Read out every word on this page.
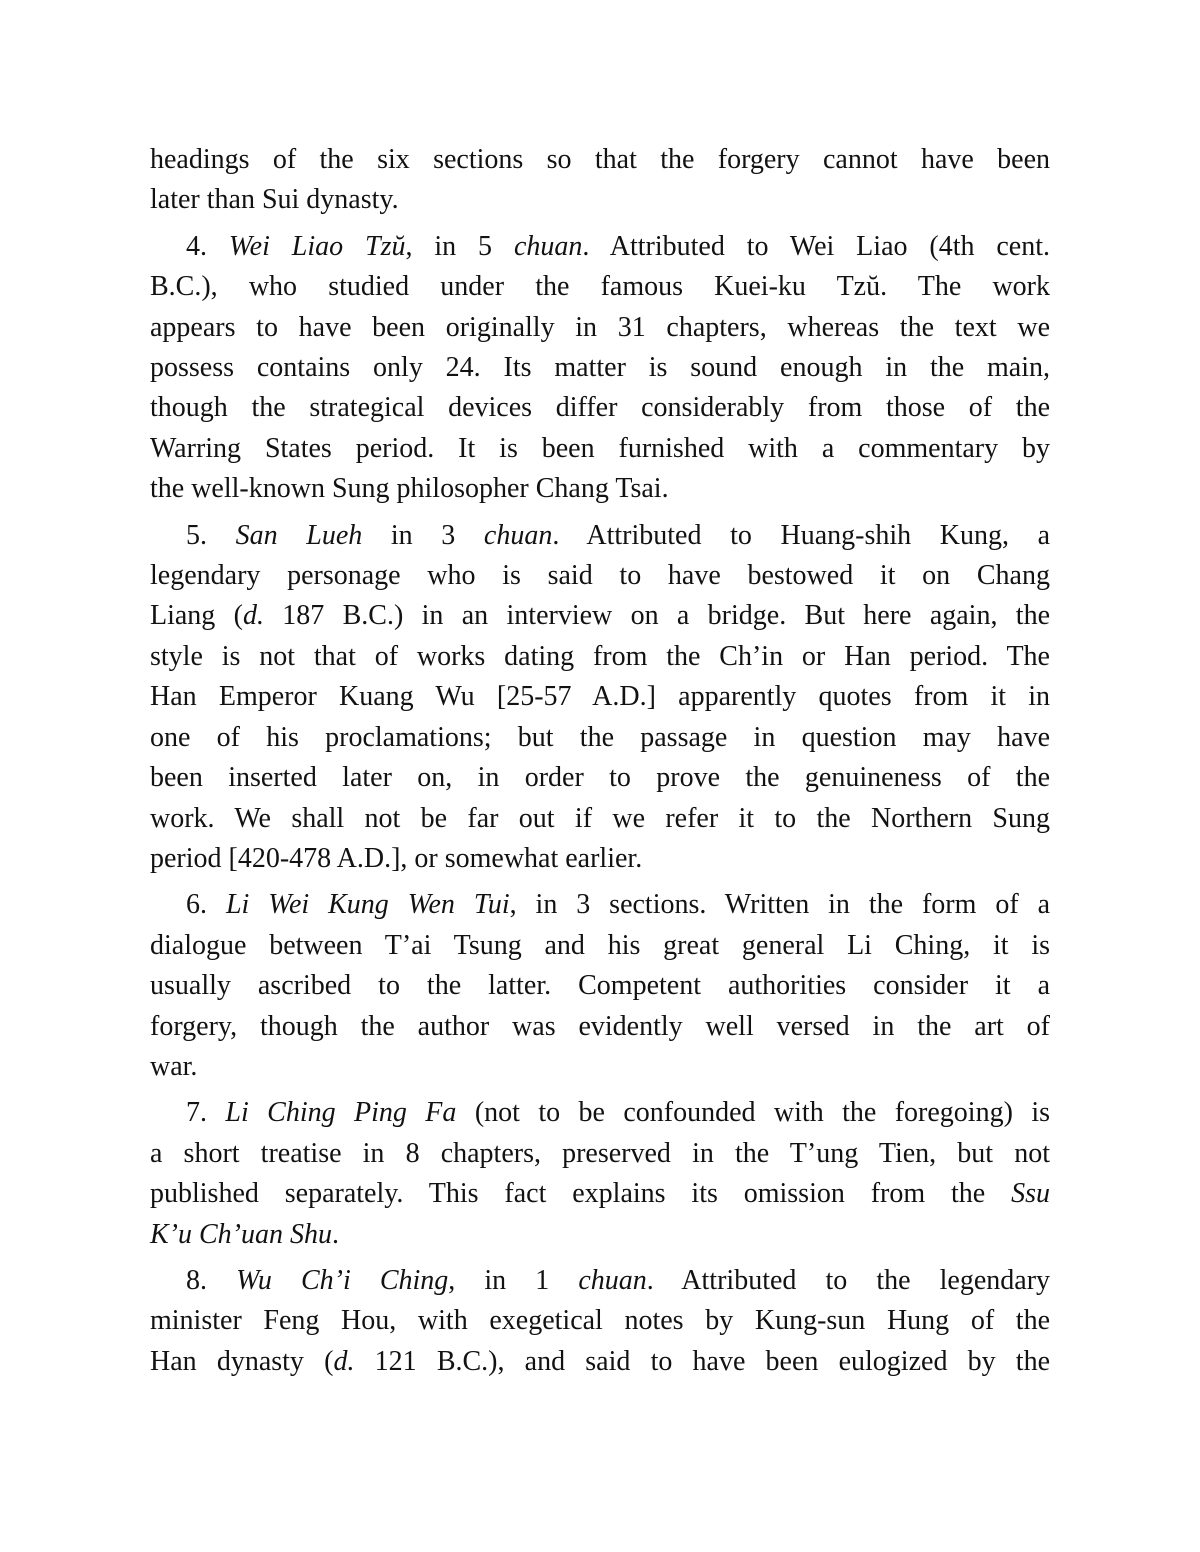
headings of the six sections so that the forgery cannot have been
later than Sui dynasty.
4. Wei Liao Tzŭ, in 5 chuan. Attributed to Wei Liao (4th cent.
B.C.), who studied under the famous Kuei-ku Tzŭ. The work
appears to have been originally in 31 chapters, whereas the text we
possess contains only 24. Its matter is sound enough in the main,
though the strategical devices differ considerably from those of the
Warring States period. It is been furnished with a commentary by
the well-known Sung philosopher Chang Tsai.
5. San Lueh in 3 chuan. Attributed to Huang-shih Kung, a
legendary personage who is said to have bestowed it on Chang
Liang (d. 187 B.C.) in an interview on a bridge. But here again, the
style is not that of works dating from the Ch’in or Han period. The
Han Emperor Kuang Wu [25-57 A.D.] apparently quotes from it in
one of his proclamations; but the passage in question may have
been inserted later on, in order to prove the genuineness of the
work. We shall not be far out if we refer it to the Northern Sung
period [420-478 A.D.], or somewhat earlier.
6. Li Wei Kung Wen Tui, in 3 sections. Written in the form of a
dialogue between T’ai Tsung and his great general Li Ching, it is
usually ascribed to the latter. Competent authorities consider it a
forgery, though the author was evidently well versed in the art of
war.
7. Li Ching Ping Fa (not to be confounded with the foregoing) is
a short treatise in 8 chapters, preserved in the T’ung Tien, but not
published separately. This fact explains its omission from the Ssu
K’u Ch’uan Shu.
8. Wu Ch’i Ching, in 1 chuan. Attributed to the legendary
minister Feng Hou, with exegetical notes by Kung-sun Hung of the
Han dynasty (d. 121 B.C.), and said to have been eulogized by the
